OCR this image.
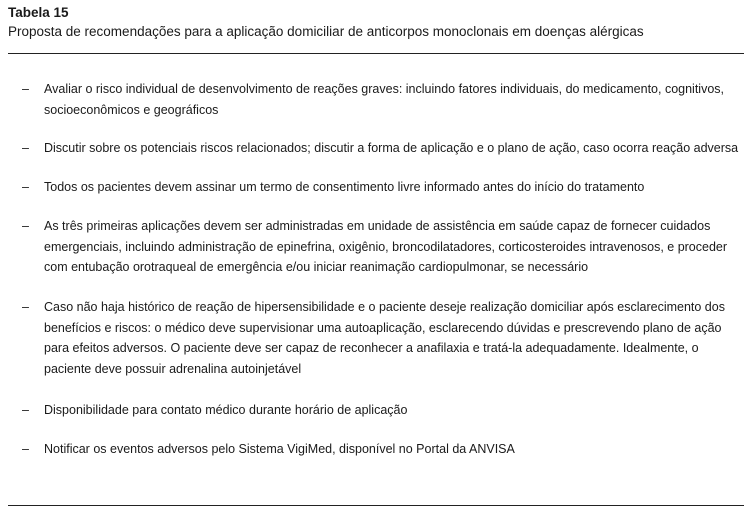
Tabela 15
Proposta de recomendações para a aplicação domiciliar de anticorpos monoclonais em doenças alérgicas
– Avaliar o risco individual de desenvolvimento de reações graves: incluindo fatores individuais, do medicamento, cognitivos, socioeconômicos e geográficos
– Discutir sobre os potenciais riscos relacionados; discutir a forma de aplicação e o plano de ação, caso ocorra reação adversa
– Todos os pacientes devem assinar um termo de consentimento livre informado antes do início do tratamento
– As três primeiras aplicações devem ser administradas em unidade de assistência em saúde capaz de fornecer cuidados emergenciais, incluindo administração de epinefrina, oxigênio, broncodilatadores, corticosteroides intravenosos, e proceder com entubação orotraqueal de emergência e/ou iniciar reanimação cardiopulmonar, se necessário
– Caso não haja histórico de reação de hipersensibilidade e o paciente deseje realização domiciliar após esclarecimento dos benefícios e riscos: o médico deve supervisionar uma autoaplicação, esclarecendo dúvidas e prescrevendo plano de ação para efeitos adversos. O paciente deve ser capaz de reconhecer a anafilaxia e tratá-la adequadamente. Idealmente, o paciente deve possuir adrenalina autoinjetável
– Disponibilidade para contato médico durante horário de aplicação
– Notificar os eventos adversos pelo Sistema VigiMed, disponível no Portal da ANVISA
